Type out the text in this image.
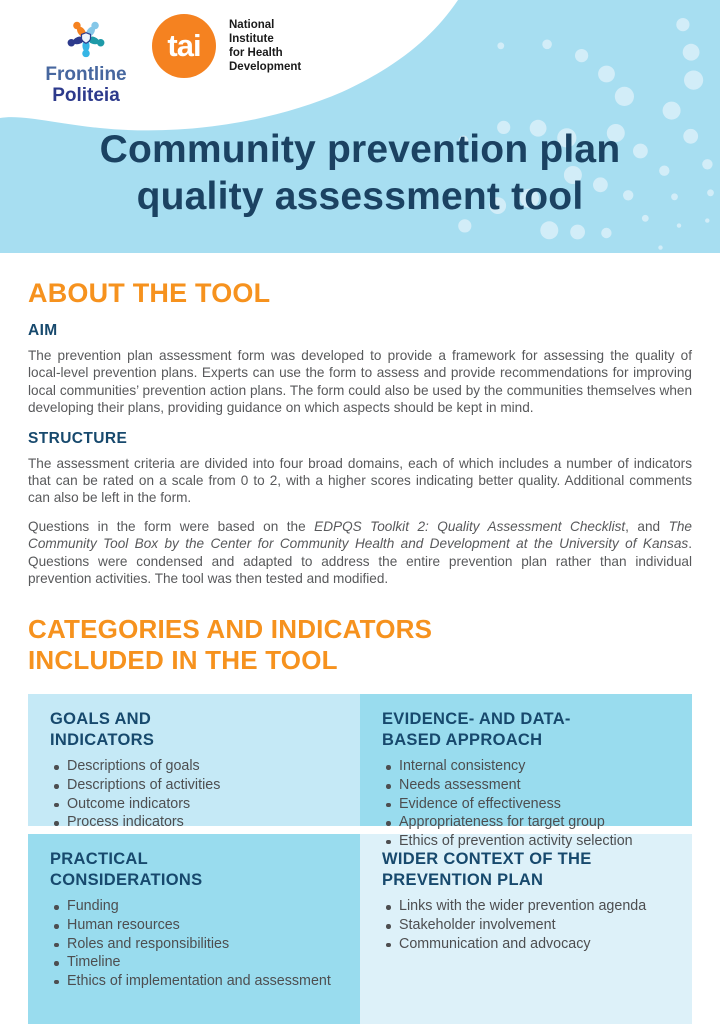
Frontline
Politeia
tai
National
Institute
for Health
Development
Community prevention plan
quality assessment tool
ABOUT THE TOOL
AIM

The prevention plan assessment form was developed to provide a framework for assessing the quality of local-level prevention plans. Experts can use the form to assess and provide recommendations for improving local communities’ prevention action plans. The form could also be used by the communities themselves when developing their plans, providing guidance on which aspects should be kept in mind.

STRUCTURE

The assessment criteria are divided into four broad domains, each of which includes a number of indicators that can be rated on a scale from 0 to 2, with a higher scores indicating better quality. Additional comments can also be left in the form.

Questions in the form were based on the EDPQS Toolkit 2: Quality Assessment Checklist, and The Community Tool Box by the Center for Community Health and Development at the University of Kansas. Questions were condensed and adapted to address the entire prevention plan rather than individual prevention activities. The tool was then tested and modified.

CATEGORIES AND INDICATORS
INCLUDED IN THE TOOL
GOALS AND
INDICATORS
Descriptions of goals
Descriptions of activities
Outcome indicators
Process indicators
EVIDENCE- AND DATA-
BASED APPROACH
Internal consistency
Needs assessment
Evidence of effectiveness
Appropriateness for target group
Ethics of prevention activity selection
PRACTICAL
CONSIDERATIONS
Funding
Human resources
Roles and responsibilities
Timeline
Ethics of implementation and assessment
WIDER CONTEXT OF THE
PREVENTION PLAN
Links with the wider prevention agenda
Stakeholder involvement
Communication and advocacy
